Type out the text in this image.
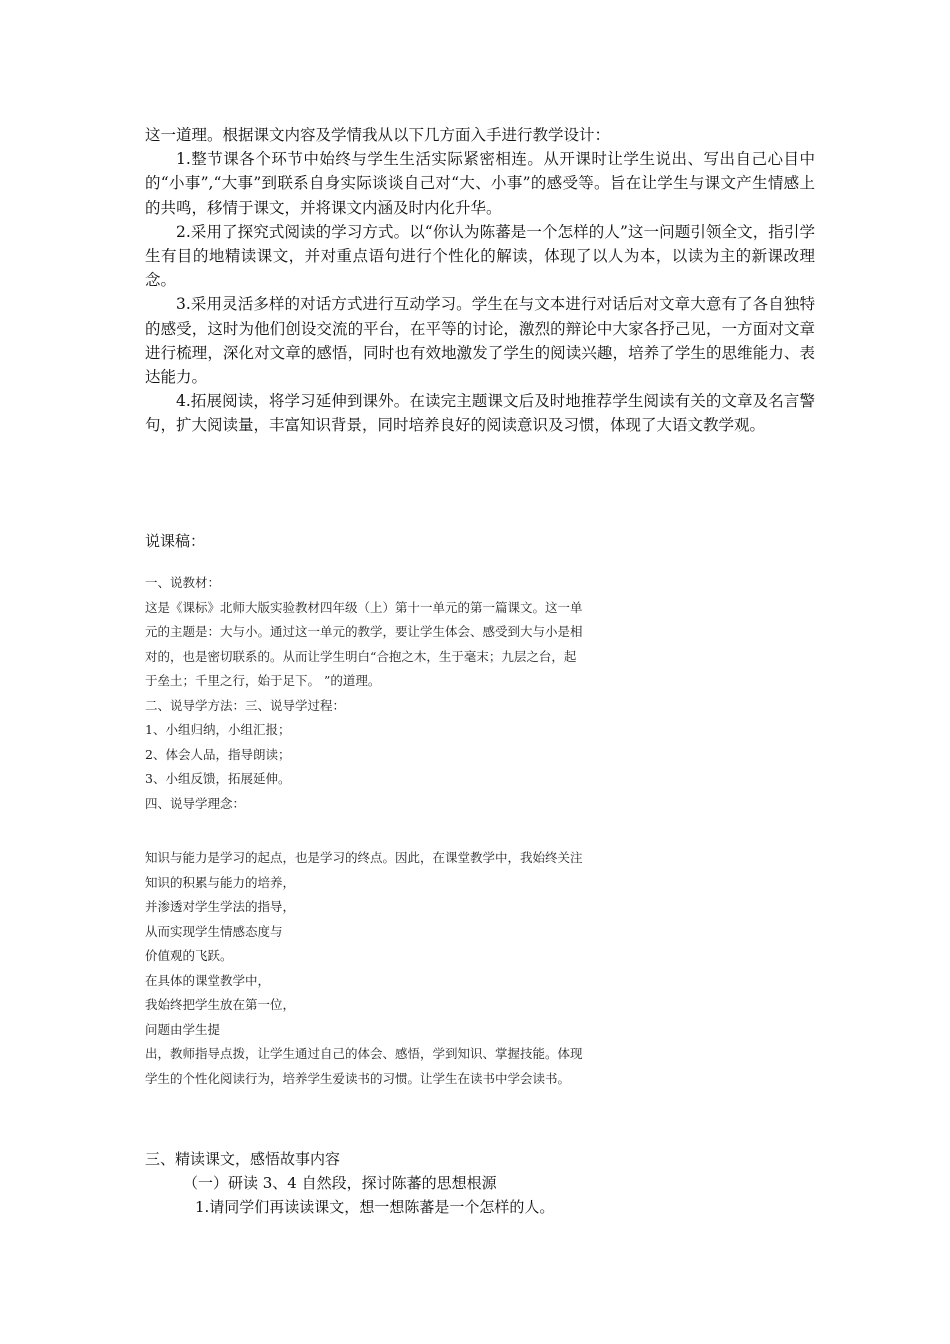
这一道理。根据课文内容及学情我从以下几方面入手进行教学设计：

1.整节课各个环节中始终与学生生活实际紧密相连。从开课时让学生说出、写出自己心目中的“小事”,“大事”到联系自身实际谈谈自己对“大、小事”的感受等。旨在让学生与课文产生情感上的共鸣，移情于课文，并将课文内涵及时内化升华。

2.采用了探究式阅读的学习方式。以“你认为陈蕃是一个怎样的人”这一问题引领全文，指引学生有目的地精读课文，并对重点语句进行个性化的解读，体现了以人为本，以读为主的新课改理念。

3.采用灵活多样的对话方式进行互动学习。学生在与文本进行对话后对文章大意有了各自独特的感受，这时为他们创设交流的平台，在平等的讨论，激烈的辩论中大家各抒己见，一方面对文章进行梳理，深化对文章的感悟，同时也有效地激发了学生的阅读兴趣，培养了学生的思维能力、表达能力。

4.拓展阅读，将学习延伸到课外。在读完主题课文后及时地推荐学生阅读有关的文章及名言警句，扩大阅读量，丰富知识背景，同时培养良好的阅读意识及习惯，体现了大语文教学观。

说课稿：
一、说教材：
这是《课标》北师大版实验教材四年级（上）第十一单元的第一篇课文。这一单
元的主题是：大与小。通过这一单元的教学，要让学生体会、感受到大与小是相
对的，也是密切联系的。从而让学生明白“合抱之木，生于毫末；九层之台，起
于垒土；千里之行，始于足下。 ”的道理。
二、说导学方法：三、说导学过程：
1、小组归纳，小组汇报；
2、体会人品，指导朗读；
3、小组反馈，拓展延伸。
四、说导学理念：
知识与能力是学习的起点，也是学习的终点。因此，在课堂教学中，我始终关注
知识的积累与能力的培养，
并渗透对学生学法的指导，
从而实现学生情感态度与
价值观的飞跃。
在具体的课堂教学中，
我始终把学生放在第一位，
问题由学生提
出，教师指导点拨，让学生通过自己的体会、感悟，学到知识、掌握技能。体现
学生的个性化阅读行为，培养学生爱读书的习惯。让学生在读书中学会读书。
三、精读课文，感悟故事内容
（一）研读 3、4 自然段，探讨陈蕃的思想根源
1.请同学们再读读课文，想一想陈蕃是一个怎样的人。
